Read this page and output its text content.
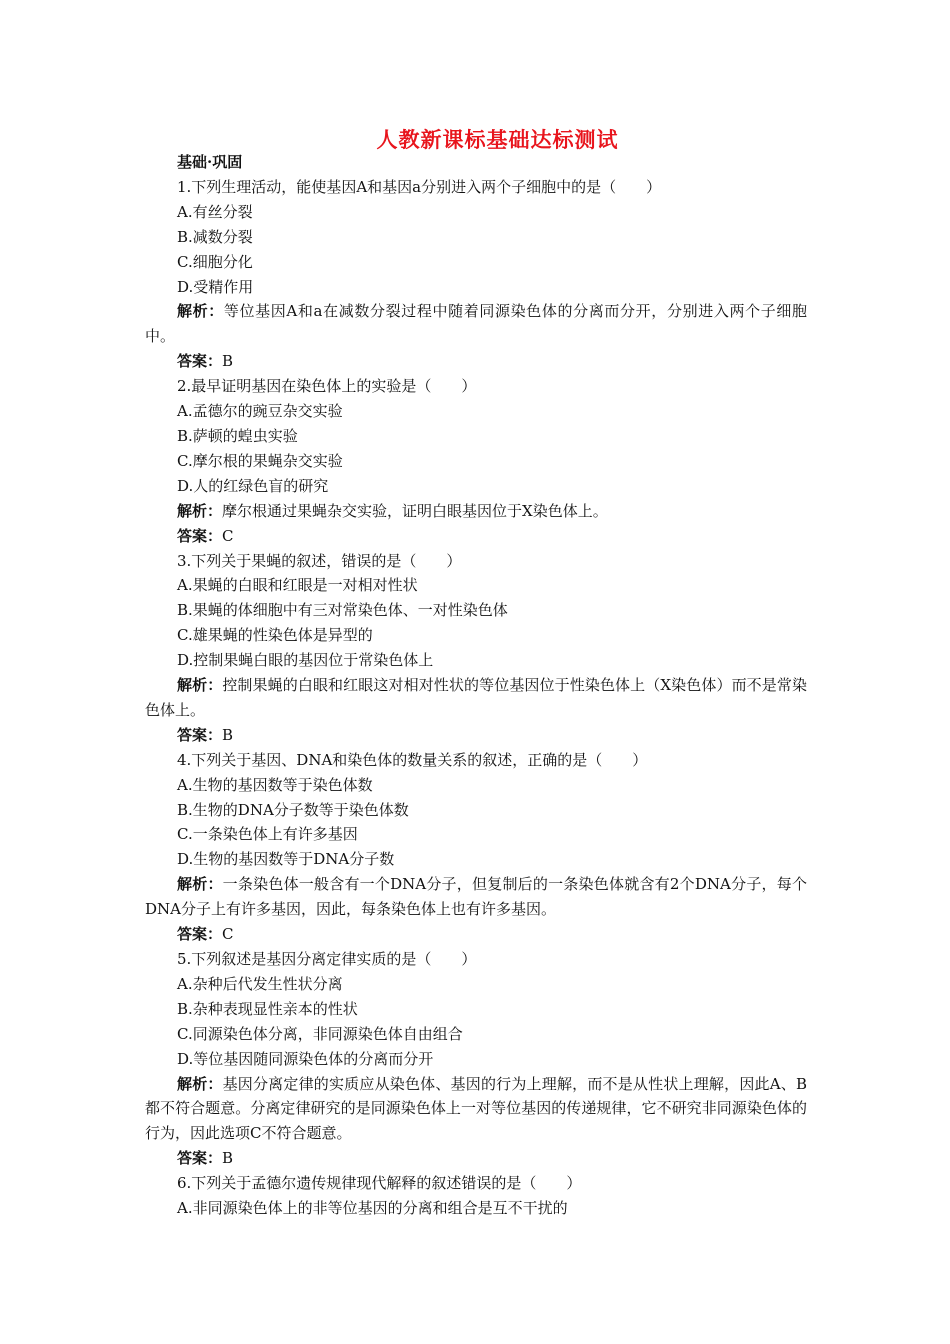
人教新课标基础达标测试

基础·巩固

1.下列生理活动，能使基因A和基因a分别进入两个子细胞中的是（　　）

A.有丝分裂

B.减数分裂

C.细胞分化

D.受精作用

解析：等位基因A和a在减数分裂过程中随着同源染色体的分离而分开，分别进入两个子细胞中。

答案：B

2.最早证明基因在染色体上的实验是（　　）

A.孟德尔的豌豆杂交实验

B.萨顿的蝗虫实验

C.摩尔根的果蝇杂交实验

D.人的红绿色盲的研究

解析：摩尔根通过果蝇杂交实验，证明白眼基因位于X染色体上。

答案：C

3.下列关于果蝇的叙述，错误的是（　　）

A.果蝇的白眼和红眼是一对相对性状

B.果蝇的体细胞中有三对常染色体、一对性染色体

C.雄果蝇的性染色体是异型的

D.控制果蝇白眼的基因位于常染色体上

解析：控制果蝇的白眼和红眼这对相对性状的等位基因位于性染色体上（X染色体）而不是常染色体上。

答案：B

4.下列关于基因、DNA和染色体的数量关系的叙述，正确的是（　　）

A.生物的基因数等于染色体数

B.生物的DNA分子数等于染色体数

C.一条染色体上有许多基因

D.生物的基因数等于DNA分子数

解析：一条染色体一般含有一个DNA分子，但复制后的一条染色体就含有2个DNA分子，每个DNA分子上有许多基因，因此，每条染色体上也有许多基因。

答案：C

5.下列叙述是基因分离定律实质的是（　　）

A.杂种后代发生性状分离

B.杂种表现显性亲本的性状

C.同源染色体分离，非同源染色体自由组合

D.等位基因随同源染色体的分离而分开

解析：基因分离定律的实质应从染色体、基因的行为上理解，而不是从性状上理解，因此A、B都不符合题意。分离定律研究的是同源染色体上一对等位基因的传递规律，它不研究非同源染色体的行为，因此选项C不符合题意。

答案：B

6.下列关于孟德尔遗传规律现代解释的叙述错误的是（　　）

A.非同源染色体上的非等位基因的分离和组合是互不干扰的
